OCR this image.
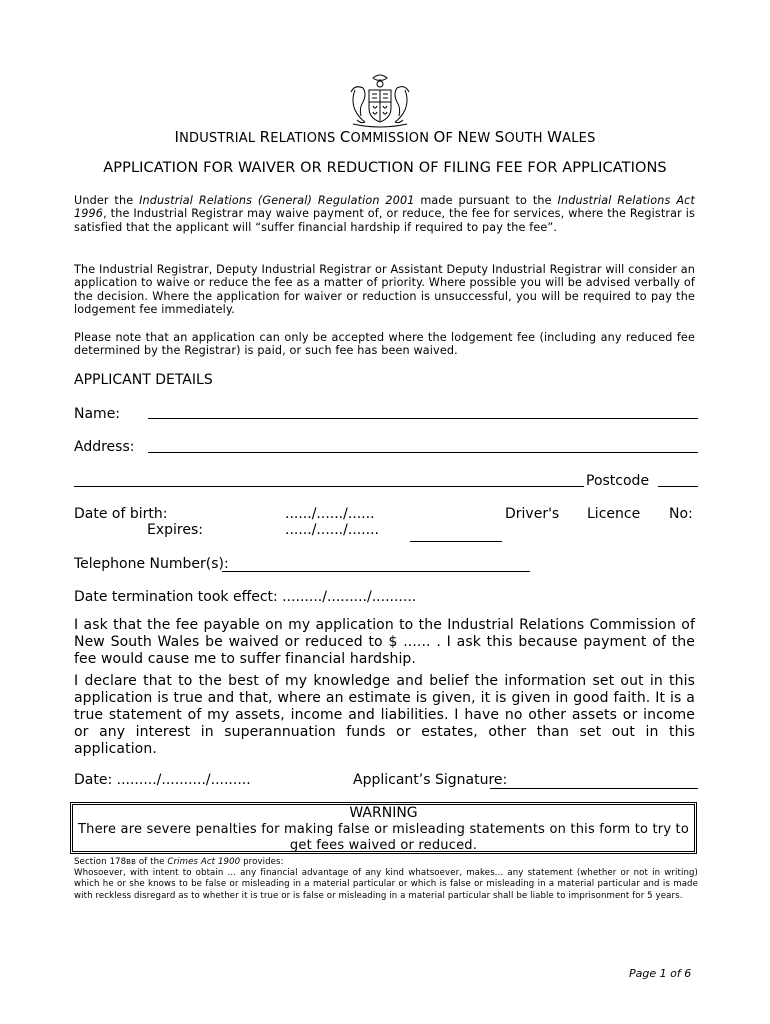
INDUSTRIAL RELATIONS COMMISSION OF NEW SOUTH WALES
APPLICATION FOR WAIVER OR REDUCTION OF FILING FEE FOR APPLICATIONS
Under the Industrial Relations (General) Regulation 2001 made pursuant to the Industrial Relations Act 1996, the Industrial Registrar may waive payment of, or reduce, the fee for services, where the Registrar is satisfied that the applicant will “suffer financial hardship if required to pay the fee”.
The Industrial Registrar, Deputy Industrial Registrar or Assistant Deputy Industrial Registrar will consider an application to waive or reduce the fee as a matter of priority. Where possible you will be advised verbally of the decision. Where the application for waiver or reduction is unsuccessful, you will be required to pay the lodgement fee immediately.
Please note that an application can only be accepted where the lodgement fee (including any reduced fee determined by the Registrar) is paid, or such fee has been waived.
APPLICANT DETAILS
Name:
Address:
Postcode
Date of birth:	....../....../......	Driver's Licence No:
Expires:	....../....../.......
Telephone Number(s):
Date termination took effect: ........./........./..........
I ask that the fee payable on my application to the Industrial Relations Commission of New South Wales be waived or reduced to $ ...... . I ask this because payment of the fee would cause me to suffer financial hardship.
I declare that to the best of my knowledge and belief the information set out in this application is true and that, where an estimate is given, it is given in good faith. It is a true statement of my assets, income and liabilities. I have no other assets or income or any interest in superannuation funds or estates, other than set out in this application.
Date: ........./........../.........	Applicant’s Signature:
WARNING
There are severe penalties for making false or misleading statements on this form to try to get fees waived or reduced.
Section 178BB of the Crimes Act 1900 provides:
Whosoever, with intent to obtain ... any financial advantage of any kind whatsoever, makes... any statement (whether or not in writing) which he or she knows to be false or misleading in a material particular or which is false or misleading in a material particular and is made with reckless disregard as to whether it is true or is false or misleading in a material particular shall be liable to imprisonment for 5 years.
Page 1 of 6
